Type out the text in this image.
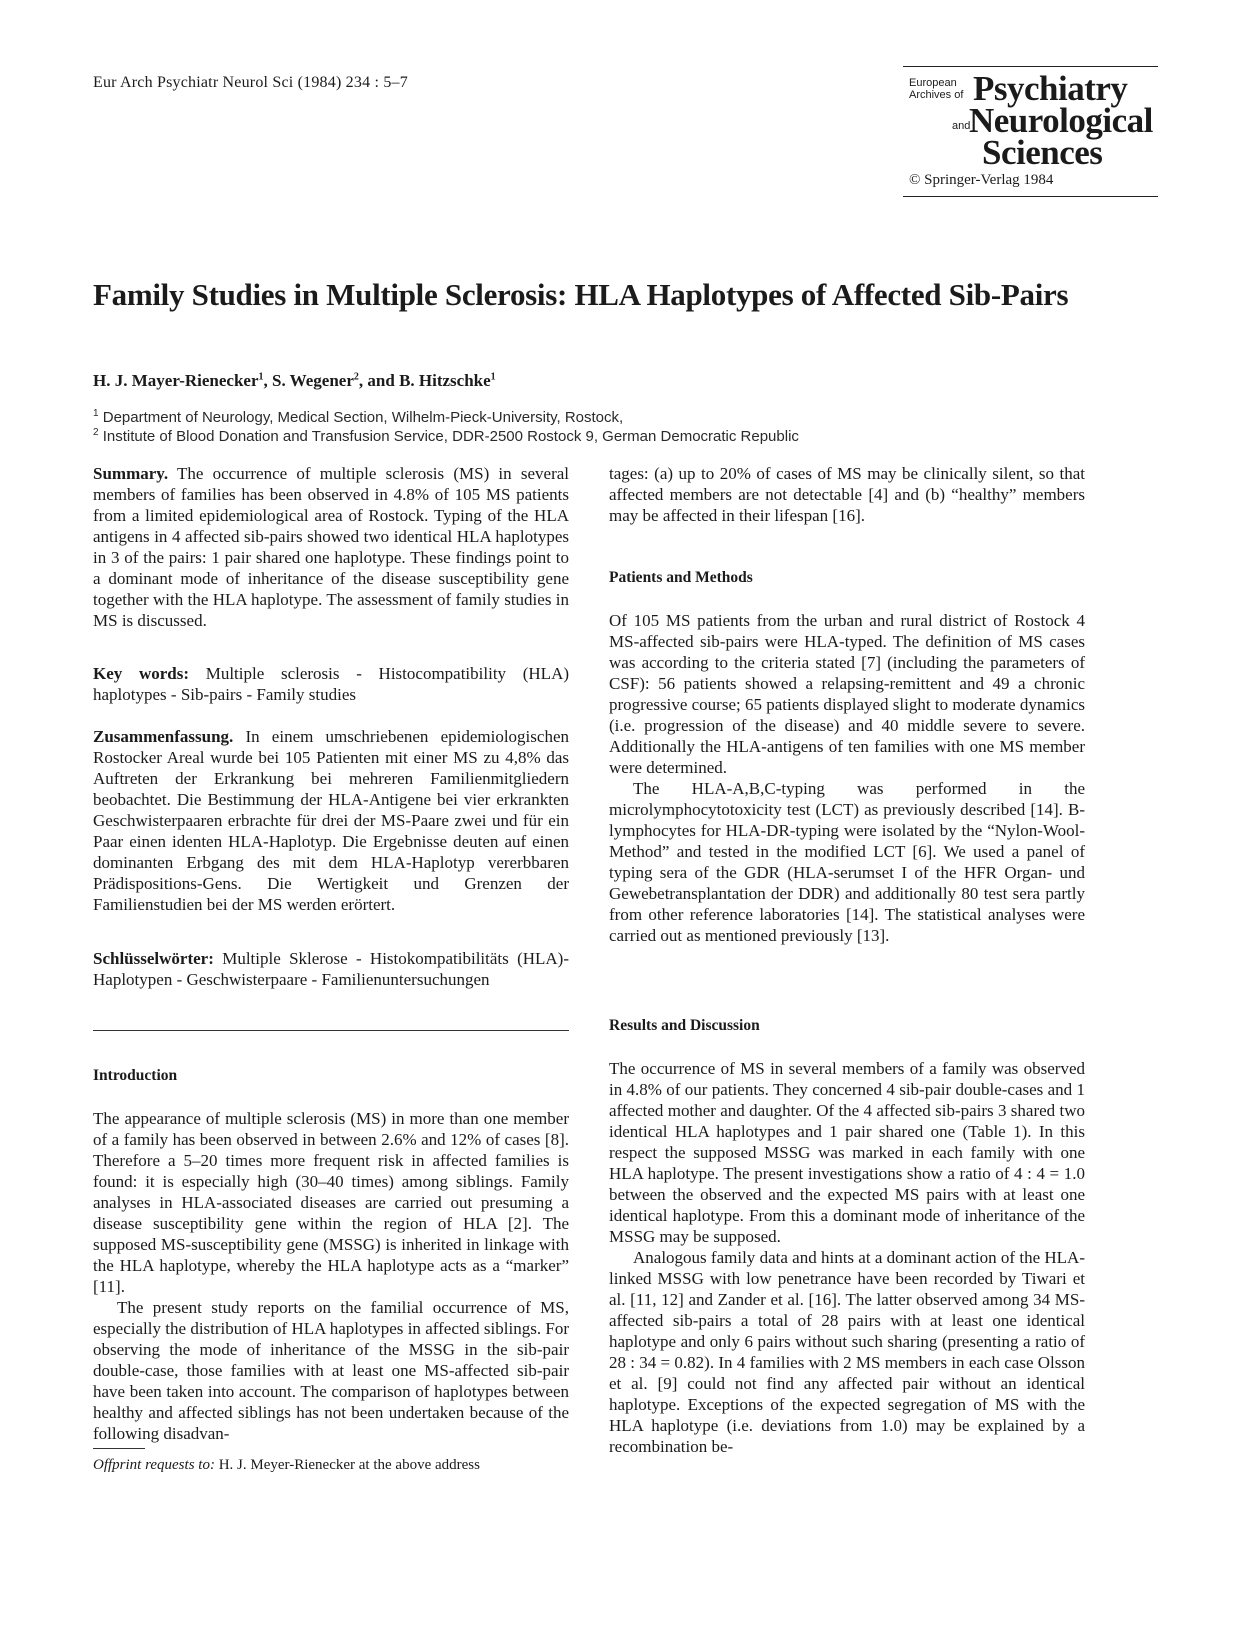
Eur Arch Psychiatr Neurol Sci (1984) 234 : 5–7	European
Archives of Psychiatry
and
Neurological
Sciences
© Springer-Verlag 1984
Family Studies in Multiple Sclerosis: HLA Haplotypes of Affected Sib-Pairs
H. J. Mayer-Rienecker$^1$, S. Wegener$^2$, and B. Hitzschke$^1$
$^1$ Department of Neurology, Medical Section, Wilhelm-Pieck-University, Rostock,
$^2$ Institute of Blood Donation and Transfusion Service, DDR-2500 Rostock 9, German Democratic Republic

Summary. The occurrence of multiple sclerosis (MS) in several members of families has been observed in 4.8% of 105 MS patients from a limited epidemiological area of Rostock. Typing of the HLA antigens in 4 affected sib-pairs showed two identical HLA haplotypes in 3 of the pairs: 1 pair shared one haplotype. These findings point to a dominant mode of inheritance of the disease susceptibility gene together with the HLA haplotype. The assessment of family studies in MS is discussed.

Key words: Multiple sclerosis - Histocompatibility (HLA) haplotypes - Sib-pairs - Family studies

Zusammenfassung. In einem umschriebenen epidemiologischen Rostocker Areal wurde bei 105 Patienten mit einer MS zu 4,8% das Auftreten der Erkrankung bei mehreren Familienmitgliedern beobachtet. Die Bestimmung der HLA-Antigene bei vier erkrankten Geschwisterpaaren erbrachte für drei der MS-Paare zwei und für ein Paar einen identen HLA-Haplotyp. Die Ergebnisse deuten auf einen dominanten Erbgang des mit dem HLA-Haplotyp vererbbaren Prädispositions-Gens. Die Wertigkeit und Grenzen der Familienstudien bei der MS werden erörtert.

Schlüsselwörter: Multiple Sklerose - Histokompatibilitäts (HLA)-Haplotypen - Geschwisterpaare - Familienuntersuchungen

Introduction

The appearance of multiple sclerosis (MS) in more than one member of a family has been observed in between 2.6% and 12% of cases [8]. Therefore a 5–20 times more frequent risk in affected families is found: it is especially high (30–40 times) among siblings. Family analyses in HLA-associated diseases are carried out presuming a disease susceptibility gene within the region of HLA [2]. The supposed MS-susceptibility gene (MSSG) is inherited in linkage with the HLA haplotype, whereby the HLA haplotype acts as a “marker” [11].

The present study reports on the familial occurrence of MS, especially the distribution of HLA haplotypes in affected siblings. For observing the mode of inheritance of the MSSG in the sib-pair double-case, those families with at least one MS-affected sib-pair have been taken into account. The comparison of haplotypes between healthy and affected siblings has not been undertaken because of the following disadvan-

Offprint requests to: H. J. Meyer-Rienecker at the above address

tages: (a) up to 20% of cases of MS may be clinically silent, so that affected members are not detectable [4] and (b) “healthy” members may be affected in their lifespan [16].

Patients and Methods

Of 105 MS patients from the urban and rural district of Rostock 4 MS-affected sib-pairs were HLA-typed. The definition of MS cases was according to the criteria stated [7] (including the parameters of CSF): 56 patients showed a relapsing-remittent and 49 a chronic progressive course; 65 patients displayed slight to moderate dynamics (i.e. progression of the disease) and 40 middle severe to severe. Additionally the HLA-antigens of ten families with one MS member were determined.

The HLA-A,B,C-typing was performed in the microlymphocytotoxicity test (LCT) as previously described [14]. B-lymphocytes for HLA-DR-typing were isolated by the “Nylon-Wool-Method” and tested in the modified LCT [6]. We used a panel of typing sera of the GDR (HLA-serumset I of the HFR Organ- und Gewebetransplantation der DDR) and additionally 80 test sera partly from other reference laboratories [14]. The statistical analyses were carried out as mentioned previously [13].

Results and Discussion

The occurrence of MS in several members of a family was observed in 4.8% of our patients. They concerned 4 sib-pair double-cases and 1 affected mother and daughter. Of the 4 affected sib-pairs 3 shared two identical HLA haplotypes and 1 pair shared one (Table 1). In this respect the supposed MSSG was marked in each family with one HLA haplotype. The present investigations show a ratio of 4 : 4 = 1.0 between the observed and the expected MS pairs with at least one identical haplotype. From this a dominant mode of inheritance of the MSSG may be supposed.

Analogous family data and hints at a dominant action of the HLA-linked MSSG with low penetrance have been recorded by Tiwari et al. [11, 12] and Zander et al. [16]. The latter observed among 34 MS-affected sib-pairs a total of 28 pairs with at least one identical haplotype and only 6 pairs without such sharing (presenting a ratio of 28 : 34 = 0.82). In 4 families with 2 MS members in each case Olsson et al. [9] could not find any affected pair without an identical haplotype. Exceptions of the expected segregation of MS with the HLA haplotype (i.e. deviations from 1.0) may be explained by a recombination be-
